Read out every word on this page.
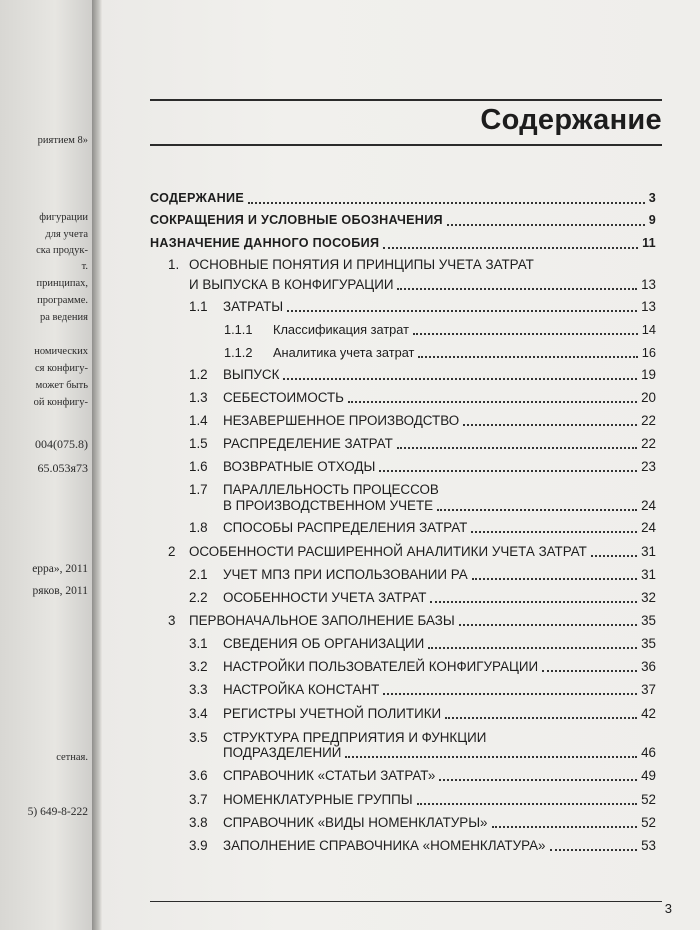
риятием 8»
фигурации
для учета
ска продук-
т.
принципах,
программе.
ра ведения
номических
ся конфигу-
может быть
ой конфигу-
004(075.8)
65.053я73
ерра», 2011
ряков, 2011
сетная.
5) 649-8-222
Содержание
СОДЕРЖАНИЕ	3
СОКРАЩЕНИЯ И УСЛОВНЫЕ ОБОЗНАЧЕНИЯ	9
НАЗНАЧЕНИЕ ДАННОГО ПОСОБИЯ	11
1. ОСНОВНЫЕ ПОНЯТИЯ И ПРИНЦИПЫ УЧЕТА ЗАТРАТ
И ВЫПУСКА В КОНФИГУРАЦИИ	13
1.1	ЗАТРАТЫ	13
1.1.1	Классификация затрат	14
1.1.2	Аналитика учета затрат	16
1.2	ВЫПУСК	19
1.3	СЕБЕСТОИМОСТЬ	20
1.4	НЕЗАВЕРШЕННОЕ ПРОИЗВОДСТВО	22
1.5	РАСПРЕДЕЛЕНИЕ ЗАТРАТ	22
1.6	ВОЗВРАТНЫЕ ОТХОДЫ	23
1.7	ПАРАЛЛЕЛЬНОСТЬ ПРОЦЕССОВ
В ПРОИЗВОДСТВЕННОМ УЧЕТЕ	24
1.8	СПОСОБЫ РАСПРЕДЕЛЕНИЯ ЗАТРАТ	24
2	ОСОБЕННОСТИ РАСШИРЕННОЙ АНАЛИТИКИ УЧЕТА ЗАТРАТ	31
2.1	УЧЕТ МПЗ ПРИ ИСПОЛЬЗОВАНИИ РА	31
2.2	ОСОБЕННОСТИ УЧЕТА ЗАТРАТ	32
3	ПЕРВОНАЧАЛЬНОЕ ЗАПОЛНЕНИЕ БАЗЫ	35
3.1	СВЕДЕНИЯ ОБ ОРГАНИЗАЦИИ	35
3.2	НАСТРОЙКИ ПОЛЬЗОВАТЕЛЕЙ КОНФИГУРАЦИИ	36
3.3	НАСТРОЙКА КОНСТАНТ	37
3.4	РЕГИСТРЫ УЧЕТНОЙ ПОЛИТИКИ	42
3.5	СТРУКТУРА ПРЕДПРИЯТИЯ И ФУНКЦИИ
ПОДРАЗДЕЛЕНИЙ	46
3.6	СПРАВОЧНИК «СТАТЬИ ЗАТРАТ»	49
3.7	НОМЕНКЛАТУРНЫЕ ГРУППЫ	52
3.8	СПРАВОЧНИК «ВИДЫ НОМЕНКЛАТУРЫ»	52
3.9	ЗАПОЛНЕНИЕ СПРАВОЧНИКА «НОМЕНКЛАТУРА»	53
3
